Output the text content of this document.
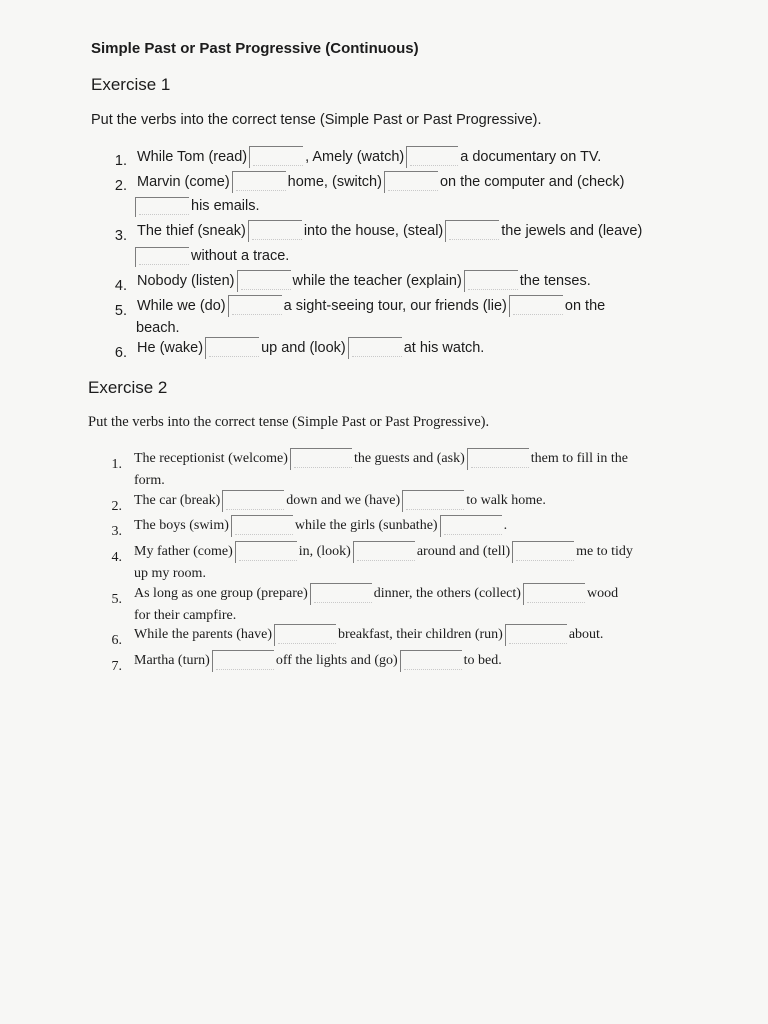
Simple Past or Past Progressive (Continuous)
Exercise 1
Put the verbs into the correct tense (Simple Past or Past Progressive).
1. While Tom (read)	, Amely (watch)	a documentary on TV.
2. Marvin (come)	home, (switch)	on the computer and (check)
his emails.
3. The thief (sneak)	into the house, (steal)	the jewels and (leave)
without a trace.
4. Nobody (listen)	while the teacher (explain)	the tenses.
5. While we (do)	a sight-seeing tour, our friends (lie)	on the
beach.
6. He (wake)	up and (look)	at his watch.
Exercise 2
Put the verbs into the correct tense (Simple Past or Past Progressive).
1. The receptionist (welcome)	the guests and (ask)	them to fill in the
form.
2. The car (break)	down and we (have)	to walk home.
3. The boys (swim)	while the girls (sunbathe)	.
4. My father (come)	in, (look)	around and (tell)	me to tidy
up my room.
5. As long as one group (prepare)	dinner, the others (collect)	wood
for their campfire.
6. While the parents (have)	breakfast, their children (run)	about.
7. Martha (turn)	off the lights and (go)	to bed.
